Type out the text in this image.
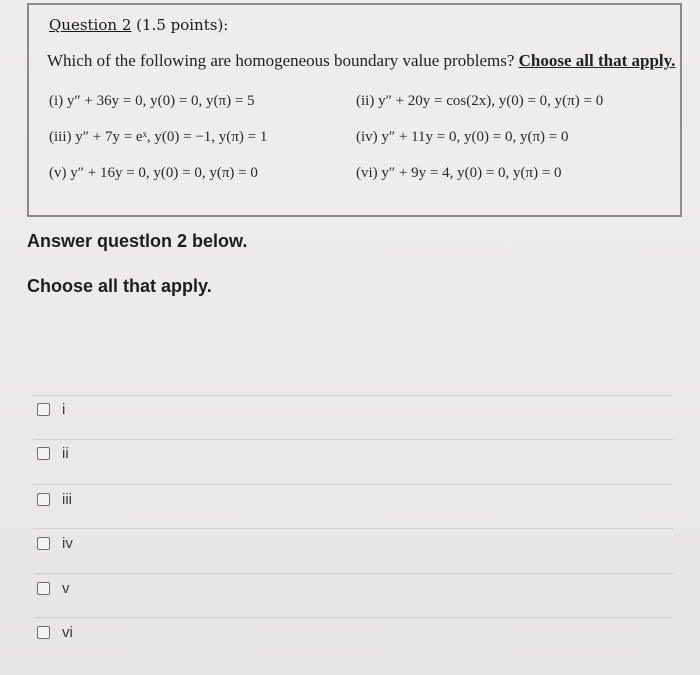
Question 2 (1.5 points):
Which of the following are homogeneous boundary value problems? Choose all that apply.
(i) y″ + 36y = 0, y(0) = 0, y(π) = 5	(ii) y″ + 20y = cos(2x), y(0) = 0, y(π) = 0
(iii) y″ + 7y = eˣ, y(0) = −1, y(π) = 1	(iv) y″ + 11y = 0, y(0) = 0, y(π) = 0
(v) y″ + 16y = 0, y(0) = 0, y(π) = 0	(vi) y″ + 9y = 4, y(0) = 0, y(π) = 0
Answer questlon 2 below.
Choose all that apply.
i
ii
iii
iv
v
vi
